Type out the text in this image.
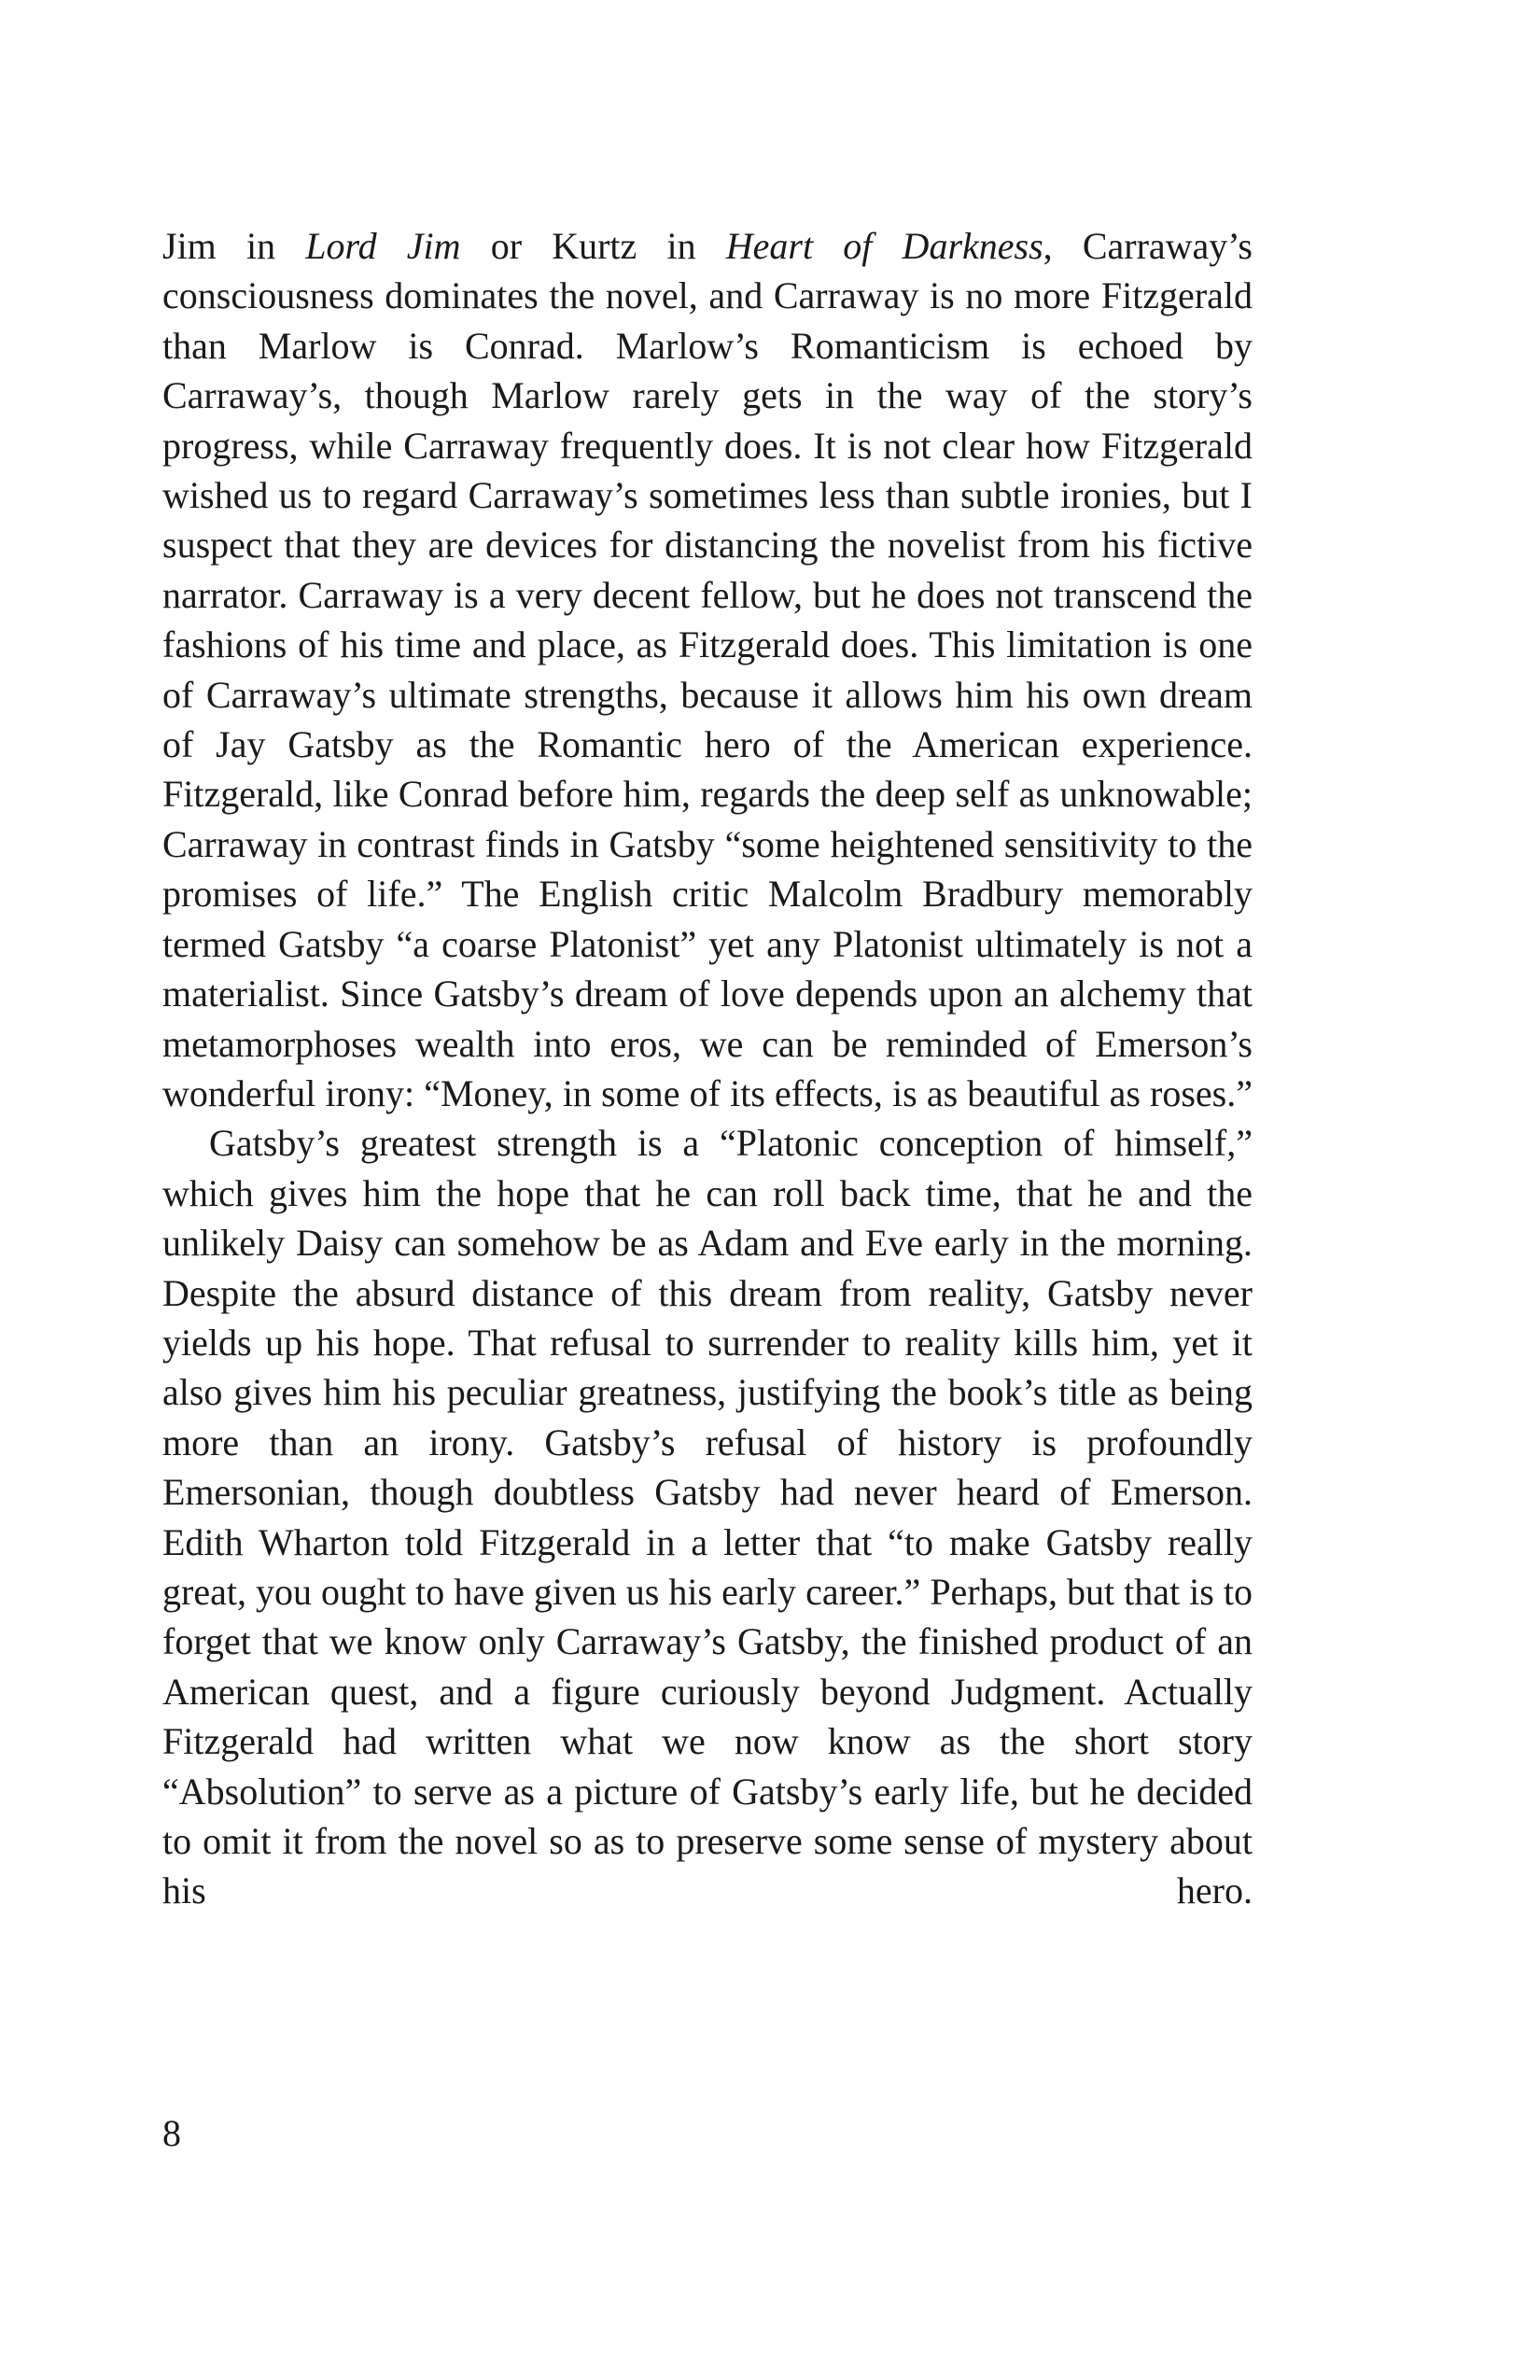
Jim in Lord Jim or Kurtz in Heart of Darkness, Carraway’s consciousness dominates the novel, and Carraway is no more Fitzgerald than Marlow is Conrad. Marlow’s Romanticism is echoed by Carraway’s, though Marlow rarely gets in the way of the story’s progress, while Carraway frequently does. It is not clear how Fitzgerald wished us to regard Carraway’s sometimes less than subtle ironies, but I suspect that they are devices for distancing the novelist from his fictive narrator. Carraway is a very decent fellow, but he does not transcend the fashions of his time and place, as Fitzgerald does. This limitation is one of Carraway’s ultimate strengths, because it allows him his own dream of Jay Gatsby as the Romantic hero of the American experience. Fitzgerald, like Conrad before him, regards the deep self as unknowable; Carraway in contrast finds in Gatsby “some heightened sensitivity to the promises of life.” The English critic Malcolm Bradbury memorably termed Gatsby “a coarse Platonist” yet any Platonist ultimately is not a materialist. Since Gatsby’s dream of love depends upon an alchemy that metamorphoses wealth into eros, we can be reminded of Emerson’s wonderful irony: “Money, in some of its effects, is as beautiful as roses.”

Gatsby’s greatest strength is a “Platonic conception of himself,” which gives him the hope that he can roll back time, that he and the unlikely Daisy can somehow be as Adam and Eve early in the morning. Despite the absurd distance of this dream from reality, Gatsby never yields up his hope. That refusal to surrender to reality kills him, yet it also gives him his peculiar greatness, justifying the book’s title as being more than an irony. Gatsby’s refusal of history is profoundly Emersonian, though doubtless Gatsby had never heard of Emerson. Edith Wharton told Fitzgerald in a letter that “to make Gatsby really great, you ought to have given us his early career.” Perhaps, but that is to forget that we know only Carraway’s Gatsby, the finished product of an American quest, and a figure curiously beyond Judgment. Actually Fitzgerald had written what we now know as the short story “Absolution” to serve as a picture of Gatsby’s early life, but he decided to omit it from the novel so as to preserve some sense of mystery about his hero.

8
